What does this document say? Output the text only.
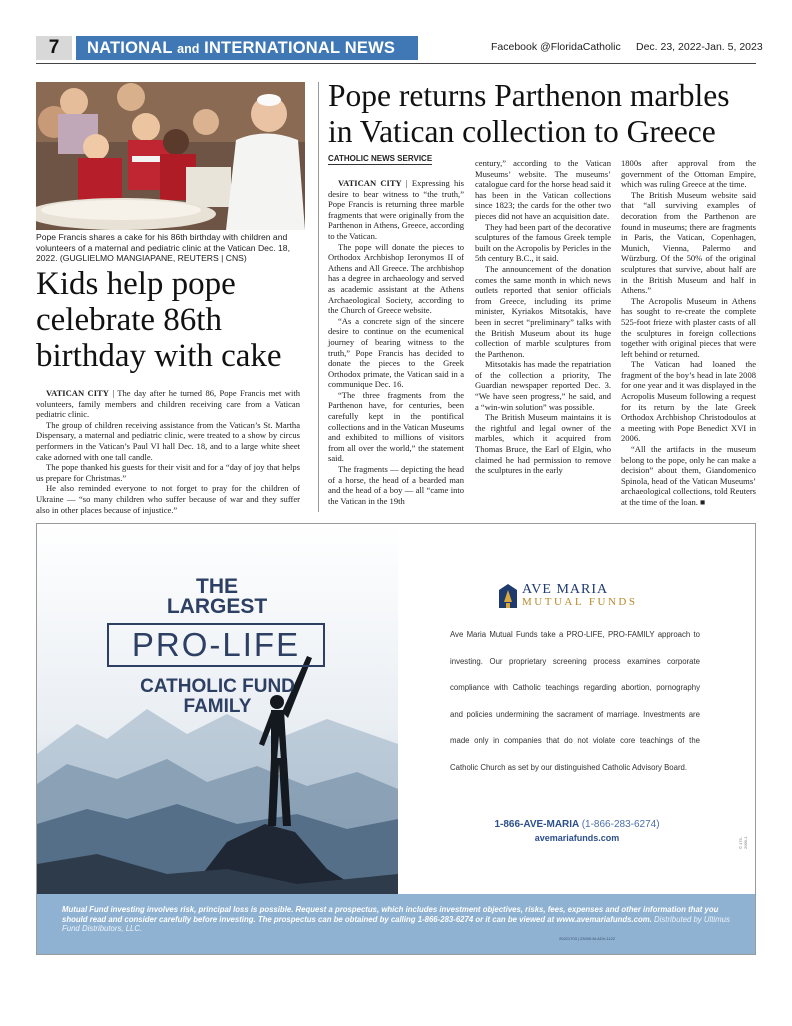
7	NATIONAL and INTERNATIONAL NEWS	Facebook @FloridaCatholic Dec. 23, 2022-Jan. 5, 2023
Pope Francis shares a cake for his 86th birthday with children and volunteers of a maternal and pediatric clinic at the Vatican Dec. 18, 2022. (GUGLIELMO MANGIAPANE, REUTERS | CNS)
Kids help pope celebrate 86th birthday with cake

VATICAN CITY | The day after he turned 86, Pope Francis met with volunteers, family members and children receiving care from a Vatican pediatric clinic.

The group of children receiving assistance from the Vatican’s St. Martha Dispensary, a maternal and pediatric clinic, were treated to a show by circus performers in the Vatican’s Paul VI hall Dec. 18, and to a large white sheet cake adorned with one tall candle.

The pope thanked his guests for their visit and for a “day of joy that helps us prepare for Christmas.”

He also reminded everyone to not forget to pray for the children of Ukraine — “so many children who suffer because of war and they suffer also in other places because of injustice.”

Pope returns Parthenon marbles in Vatican collection to Greece
CATHOLIC NEWS SERVICE

VATICAN CITY | Expressing his desire to bear witness to “the truth,” Pope Francis is returning three marble fragments that were originally from the Parthenon in Athens, Greece, according to the Vatican.

The pope will donate the pieces to Orthodox Archbishop Ieronymos II of Athens and All Greece. The archbishop has a degree in archaeology and served as academic assistant at the Athens Archaeological Society, according to the Church of Greece website.

“As a concrete sign of the sincere desire to continue on the ecumenical journey of bearing witness to the truth,” Pope Francis has decided to donate the pieces to the Greek Orthodox primate, the Vatican said in a communique Dec. 16.

“The three fragments from the Parthenon have, for centuries, been carefully kept in the pontifical collections and in the Vatican Museums and exhibited to millions of visitors from all over the world,” the statement said.

The fragments — depicting the head of a horse, the head of a bearded man and the head of a boy — all “came into the Vatican in the 19th

century,” according to the Vatican Museums’ website. The museums’ catalogue card for the horse head said it has been in the Vatican collections since 1823; the cards for the other two pieces did not have an acquisition date.

They had been part of the decorative sculptures of the famous Greek temple built on the Acropolis by Pericles in the 5th century B.C., it said.

The announcement of the donation comes the same month in which news outlets reported that senior officials from Greece, including its prime minister, Kyriakos Mitsotakis, have been in secret “preliminary” talks with the British Museum about its huge collection of marble sculptures from the Parthenon.

Mitsotakis has made the repatriation of the collection a priority, The Guardian newspaper reported Dec. 3. “We have seen progress,” he said, and a “win-win solution” was possible.

The British Museum maintains it is the rightful and legal owner of the marbles, which it acquired from Thomas Bruce, the Earl of Elgin, who claimed he had permission to remove the sculptures in the early

1800s after approval from the government of the Ottoman Empire, which was ruling Greece at the time.

The British Museum website said that “all surviving examples of decoration from the Parthenon are found in museums; there are fragments in Paris, the Vatican, Copenhagen, Munich, Vienna, Palermo and Würzburg. Of the 50% of the original sculptures that survive, about half are in the British Museum and half in Athens.”

The Acropolis Museum in Athens has sought to re-create the complete 525-foot frieze with plaster casts of all the sculptures in foreign collections together with original pieces that were left behind or returned.

The Vatican had loaned the fragment of the boy’s head in late 2008 for one year and it was displayed in the Acropolis Museum following a request for its return by the late Greek Orthodox Archbishop Christodoulos at a meeting with Pope Benedict XVI in 2006.

“All the artifacts in the museum belong to the pope, only he can make a decision” about them, Giandomenico Spinola, head of the Vatican Museums’ archaeological collections, told Reuters at the time of the loan. ■

THE
LARGEST
PRO-LIFE
CATHOLIC FUND
FAMILY
AVE MARIA
MUTUAL FUNDS
Ave Maria Mutual Funds take a PRO-LIFE, PRO-FAMILY approach to investing. Our proprietary screening process examines corporate compliance with Catholic teachings regarding abortion, pornography and policies undermining the sacrament of marriage. Investments are made only in companies that do not violate core teachings of the Catholic Church as set by our distinguished Catholic Advisory Board.
1-866-AVE-MARIA (1-866-283-6274)
avemariafunds.com	© 175-2066-1
Mutual Fund investing involves risk, principal loss is possible. Request a prospectus, which includes investment objectives, risks, fees, expenses and other information that you should read and consider carefully before investing. The prospectus can be obtained by calling 1-866-283-6274 or it can be viewed at www.avemariafunds.com. Distributed by Ultimus Fund Distributors, LLC.
20221703 | 23000-M-ADV-1122
